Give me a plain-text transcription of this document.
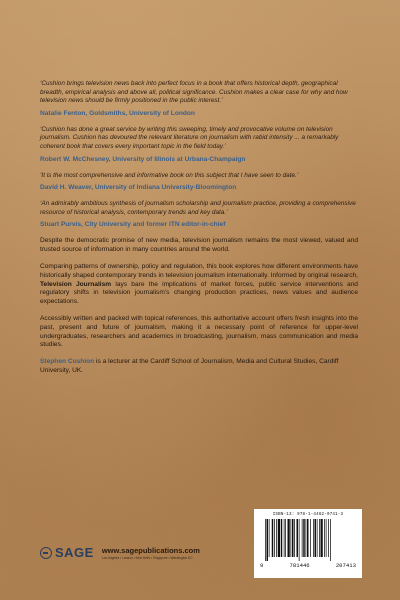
‘Cushion brings television news back into perfect focus in a book that offers historical depth, geographical breadth, empirical analysis and above all, political significance. Cushion makes a clear case for why and how television news should be firmly positioned in the public interest.’

Natalie Fenton, Goldsmiths, University of London

‘Cushion has done a great service by writing this sweeping, timely and provocative volume on television journalism. Cushion has devoured the relevant literature on journalism with rabid intensity ... a remarkably coherent book that covers every important topic in the field today.’

Robert W. McChesney, University of Illinois at Urbana-Champaign

‘It is the most comprehensive and informative book on this subject that I have seen to date.’

David H. Weaver, University of Indiana University-Bloomington

‘An admirably ambitious synthesis of journalism scholarship and journalism practice, providing a comprehensive resource of historical analysis, contemporary trends and key data.’

Stuart Purvis, City University and former ITN editor-in-chief

Despite the democratic promise of new media, television journalism remains the most viewed, valued and trusted source of information in many countries around the world.

Comparing patterns of ownership, policy and regulation, this book explores how different environments have historically shaped contemporary trends in television journalism internationally. Informed by original research, Television Journalism lays bare the implications of market forces, public service interventions and regulatory shifts in television journalism’s changing production practices, news values and audience expectations.

Accessibly written and packed with topical references, this authoritative account offers fresh insights into the past, present and future of journalism, making it a necessary point of reference for upper-level undergraduates, researchers and academics in broadcasting, journalism, mass communication and media studies.

Stephen Cushion is a lecturer at the Cardiff School of Journalism, Media and Cultural Studies, Cardiff University, UK.

SAGE www.sagepublications.com
Los Angeles • London • New Delhi • Singapore • Washington DC
ISBN-13: 978-1-4462-0741-3
9	781446	207413
